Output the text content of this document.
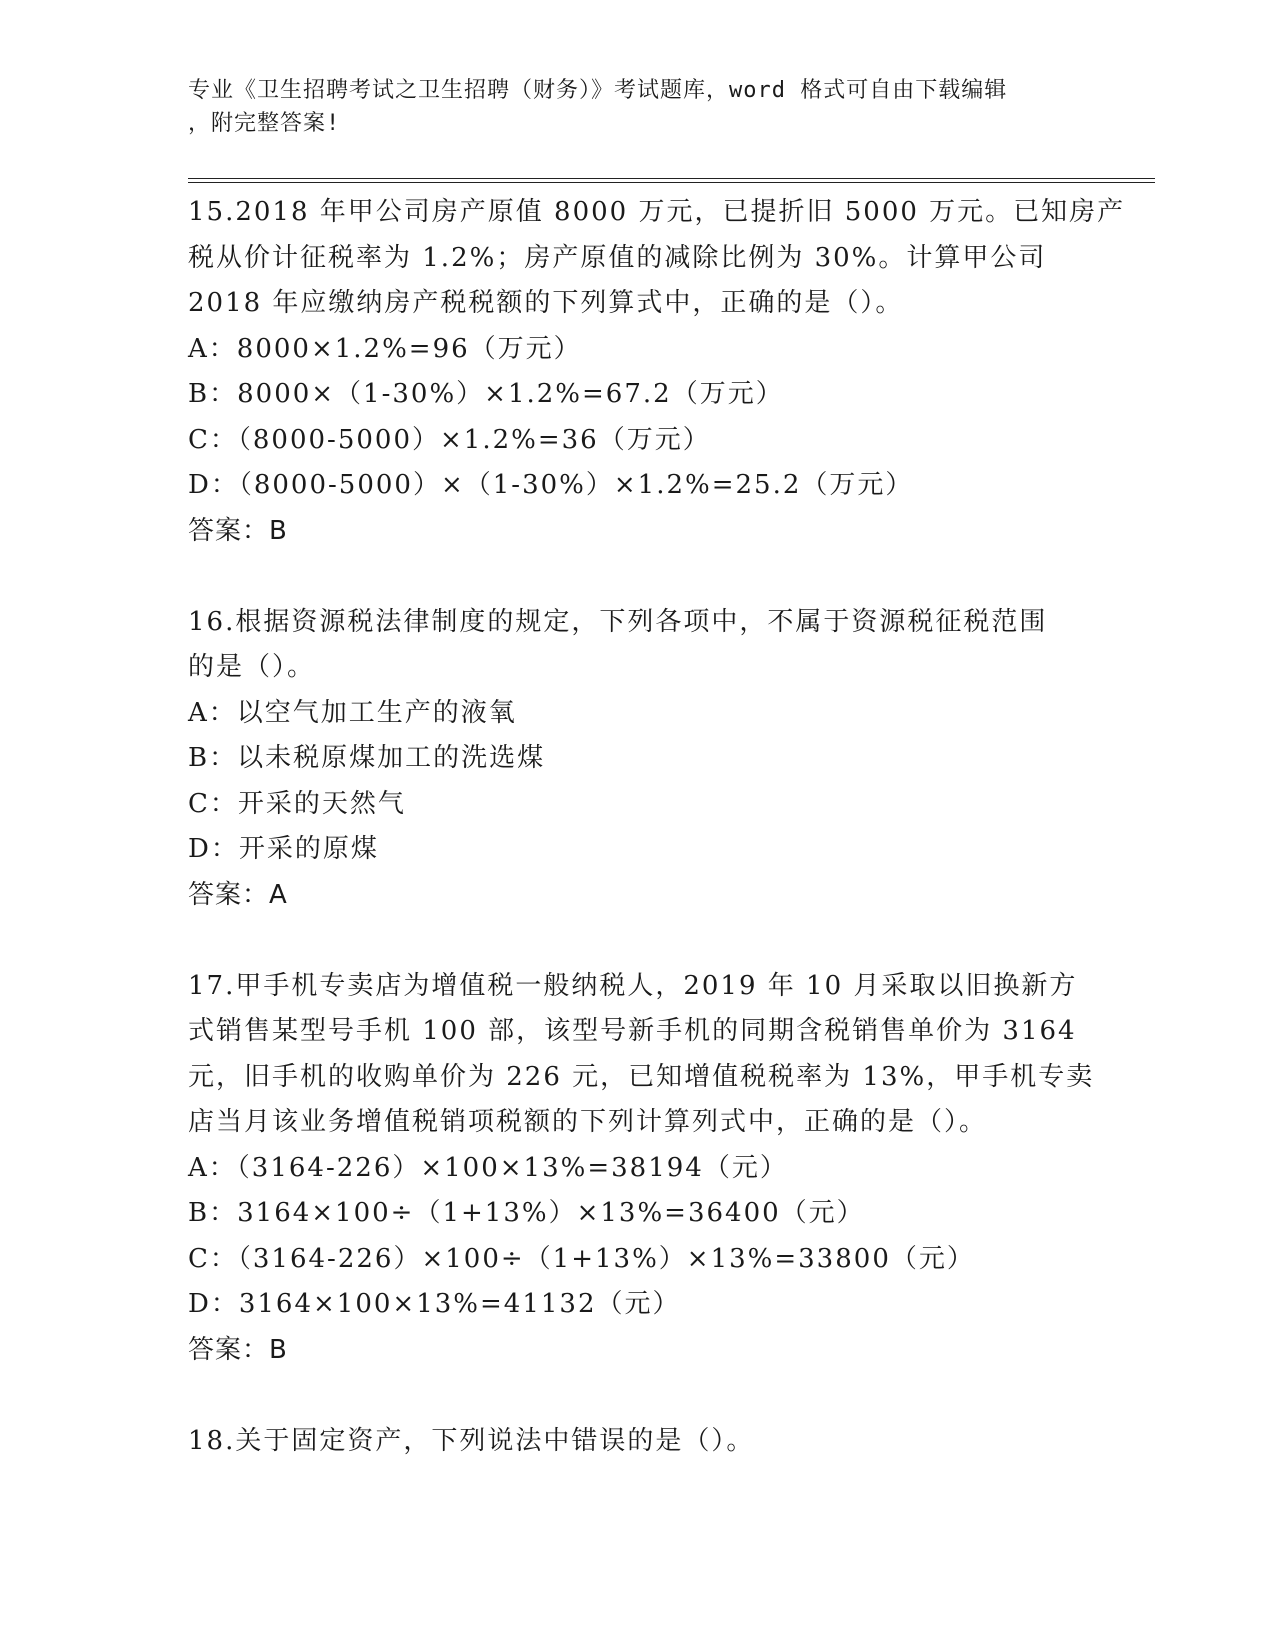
专业《卫生招聘考试之卫生招聘（财务）》考试题库，word 格式可自由下载编辑
，附完整答案!
15.2018 年甲公司房产原值 8000 万元，已提折旧 5000 万元。已知房产
税从价计征税率为 1.2%；房产原值的减除比例为 30%。计算甲公司
2018 年应缴纳房产税税额的下列算式中，正确的是（）。
A：8000×1.2%=96（万元）
B：8000×（1-30%）×1.2%=67.2（万元）
C：（8000-5000）×1.2%=36（万元）
D：（8000-5000）×（1-30%）×1.2%=25.2（万元）
答案：B
16.根据资源税法律制度的规定，下列各项中，不属于资源税征税范围
的是（）。
A：以空气加工生产的液氧
B：以未税原煤加工的洗选煤
C：开采的天然气
D：开采的原煤
答案：A
17.甲手机专卖店为增值税一般纳税人，2019 年 10 月采取以旧换新方
式销售某型号手机 100 部，该型号新手机的同期含税销售单价为 3164
元，旧手机的收购单价为 226 元，已知增值税税率为 13%，甲手机专卖
店当月该业务增值税销项税额的下列计算列式中，正确的是（）。
A：（3164-226）×100×13%=38194（元）
B：3164×100÷（1+13%）×13%=36400（元）
C：（3164-226）×100÷（1+13%）×13%=33800（元）
D：3164×100×13%=41132（元）
答案：B
18.关于固定资产，下列说法中错误的是（）。
